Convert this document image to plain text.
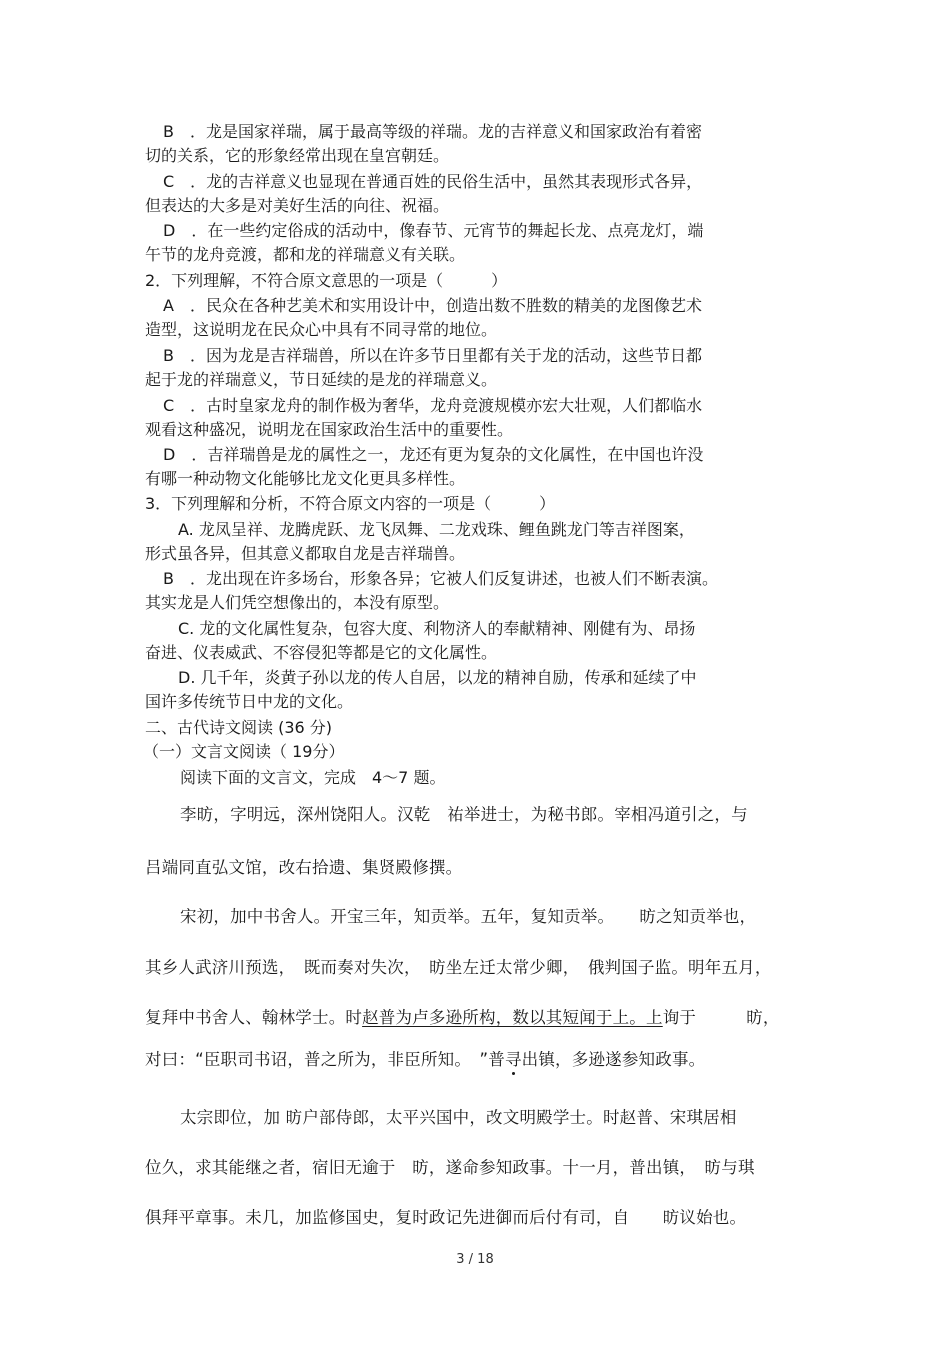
B　．龙是国家祥瑞，属于最高等级的祥瑞。龙的吉祥意义和国家政治有着密
切的关系，它的形象经常出现在皇宫朝廷。
C　．龙的吉祥意义也显现在普通百姓的民俗生活中，虽然其表现形式各异，
但表达的大多是对美好生活的向往、祝福。
D　．在一些约定俗成的活动中，像春节、元宵节的舞起长龙、点亮龙灯，端
午节的龙舟竞渡，都和龙的祥瑞意义有关联。
2．下列理解，不符合原文意思的一项是（　　　）
A　．民众在各种艺美术和实用设计中，创造出数不胜数的精美的龙图像艺术
造型，这说明龙在民众心中具有不同寻常的地位。
B　．因为龙是吉祥瑞兽，所以在许多节日里都有关于龙的活动，这些节日都
起于龙的祥瑞意义，节日延续的是龙的祥瑞意义。
C　．古时皇家龙舟的制作极为奢华，龙舟竞渡规模亦宏大壮观，人们都临水
观看这种盛况，说明龙在国家政治生活中的重要性。
D　．吉祥瑞兽是龙的属性之一，龙还有更为复杂的文化属性，在中国也许没
有哪一种动物文化能够比龙文化更具多样性。
3．下列理解和分析，不符合原文内容的一项是（　　　）
A. 龙凤呈祥、龙腾虎跃、龙飞凤舞、二龙戏珠、鲤鱼跳龙门等吉祥图案，
形式虽各异，但其意义都取自龙是吉祥瑞兽。
B　．龙出现在许多场台，形象各异；它被人们反复讲述，也被人们不断表演。
其实龙是人们凭空想像出的，本没有原型。
C. 龙的文化属性复杂，包容大度、利物济人的奉献精神、刚健有为、昂扬
奋进、仪表威武、不容侵犯等都是它的文化属性。
D. 几千年，炎黄子孙以龙的传人自居，以龙的精神自励，传承和延续了中
国许多传统节日中龙的文化。
二、古代诗文阅读 (36 分)
（一）文言文阅读（ 19分）
阅读下面的文言文，完成　4～7 题。
李昉，字明远，深州饶阳人。汉乾　祐举进士，为秘书郎。宰相冯道引之，与
吕端同直弘文馆，改右拾遗、集贤殿修撰。
宋初，加中书舍人。开宝三年，知贡举。五年，复知贡举。　　昉之知贡举也，
其乡人武济川预选，　既而奏对失次，　昉坐左迁太常少卿，　俄判国子监。明年五月，
复拜中书舍人、翰林学士。时赵普为卢多逊所构，数以其短闻于上。上询于　　　昉，
对曰：“臣职司书诏，普之所为，非臣所知。　”普寻出镇，多逊遂参知政事。
太宗即位，加 昉户部侍郎，太平兴国中，改文明殿学士。时赵普、宋琪居相
位久，求其能继之者，宿旧无逾于　昉，遂命参知政事。十一月，普出镇，　昉与琪
俱拜平章事。未几，加监修国史，复时政记先进御而后付有司，自　　昉议始也。
3 / 18
